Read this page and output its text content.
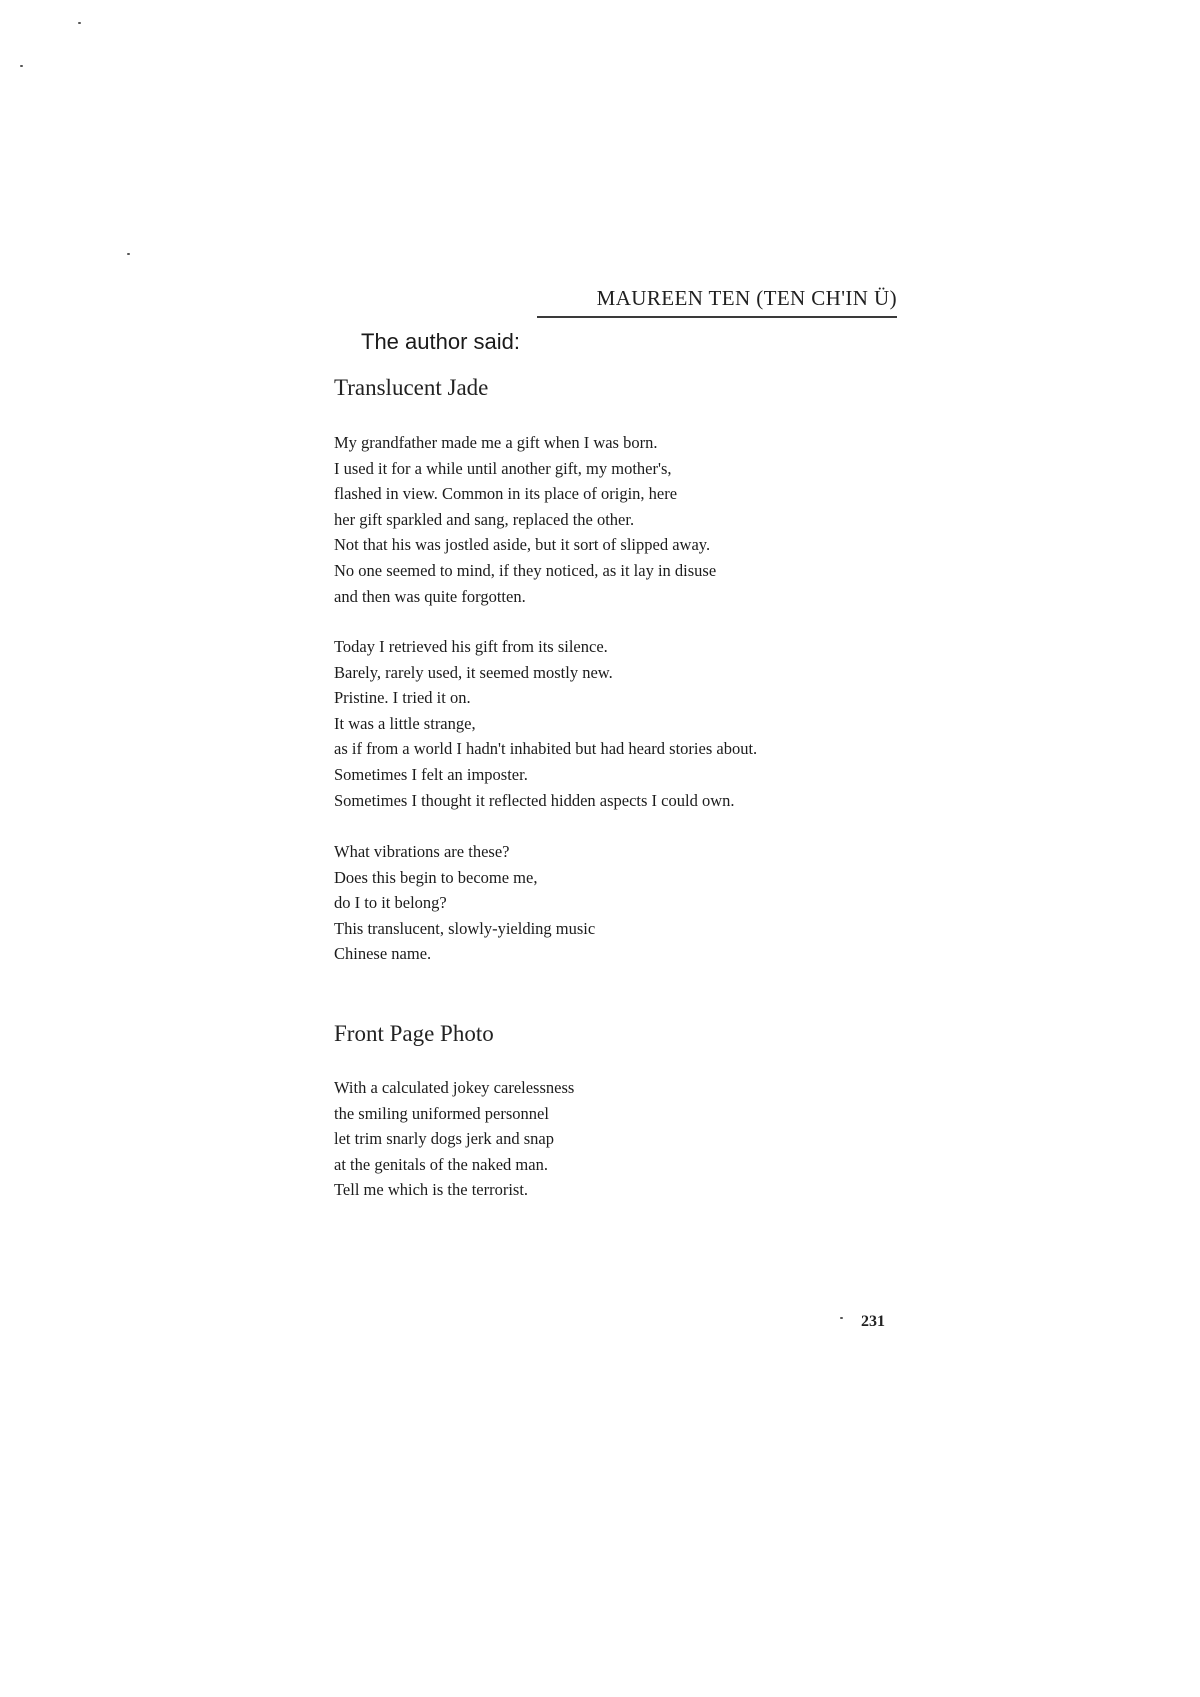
MAUREEN TEN (TEN CH'IN Ü)
The author said:
Translucent Jade
My grandfather made me a gift when I was born.
I used it for a while until another gift, my mother's,
flashed in view. Common in its place of origin, here
her gift sparkled and sang, replaced the other.
Not that his was jostled aside, but it sort of slipped away.
No one seemed to mind, if they noticed, as it lay in disuse
and then was quite forgotten.
Today I retrieved his gift from its silence.
Barely, rarely used, it seemed mostly new.
Pristine. I tried it on.
It was a little strange,
as if from a world I hadn't inhabited but had heard stories about.
Sometimes I felt an imposter.
Sometimes I thought it reflected hidden aspects I could own.
What vibrations are these?
Does this begin to become me,
do I to it belong?
This translucent, slowly-yielding music
Chinese name.
Front Page Photo
With a calculated jokey carelessness
the smiling uniformed personnel
let trim snarly dogs jerk and snap
at the genitals of the naked man.
Tell me which is the terrorist.
231
